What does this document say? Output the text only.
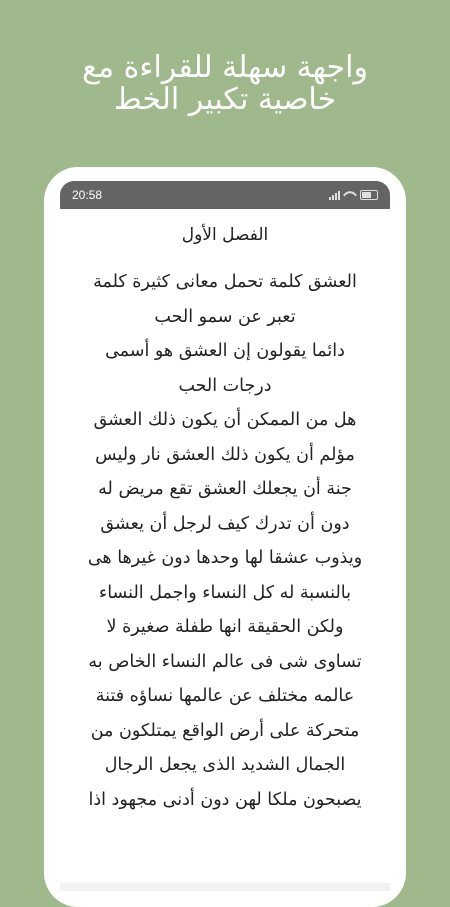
واجهة سهلة للقراءة مع
خاصية تكبير الخط
20:58
الفصل الأول
العشق كلمة تحمل معانى كثيرة كلمة
تعبر عن سمو الحب
دائما يقولون إن العشق هو أسمى
درجات الحب
هل من الممكن أن يكون ذلك العشق
مؤلم أن يكون ذلك العشق نار وليس
جنة أن يجعلك العشق تقع مريض له
دون أن تدرك كيف لرجل أن يعشق
ويذوب عشقا لها وحدها دون غيرها هى
بالنسبة له كل النساء واجمل النساء
ولكن الحقيقة انها طفلة صغيرة لا
تساوى شى فى عالم النساء الخاص به
عالمه مختلف عن عالمها نساؤه فتنة
متحركة على أرض الواقع يمتلكون من
الجمال الشديد الذى يجعل الرجال
يصبحون ملكا لهن دون أدنى مجهود اذا
